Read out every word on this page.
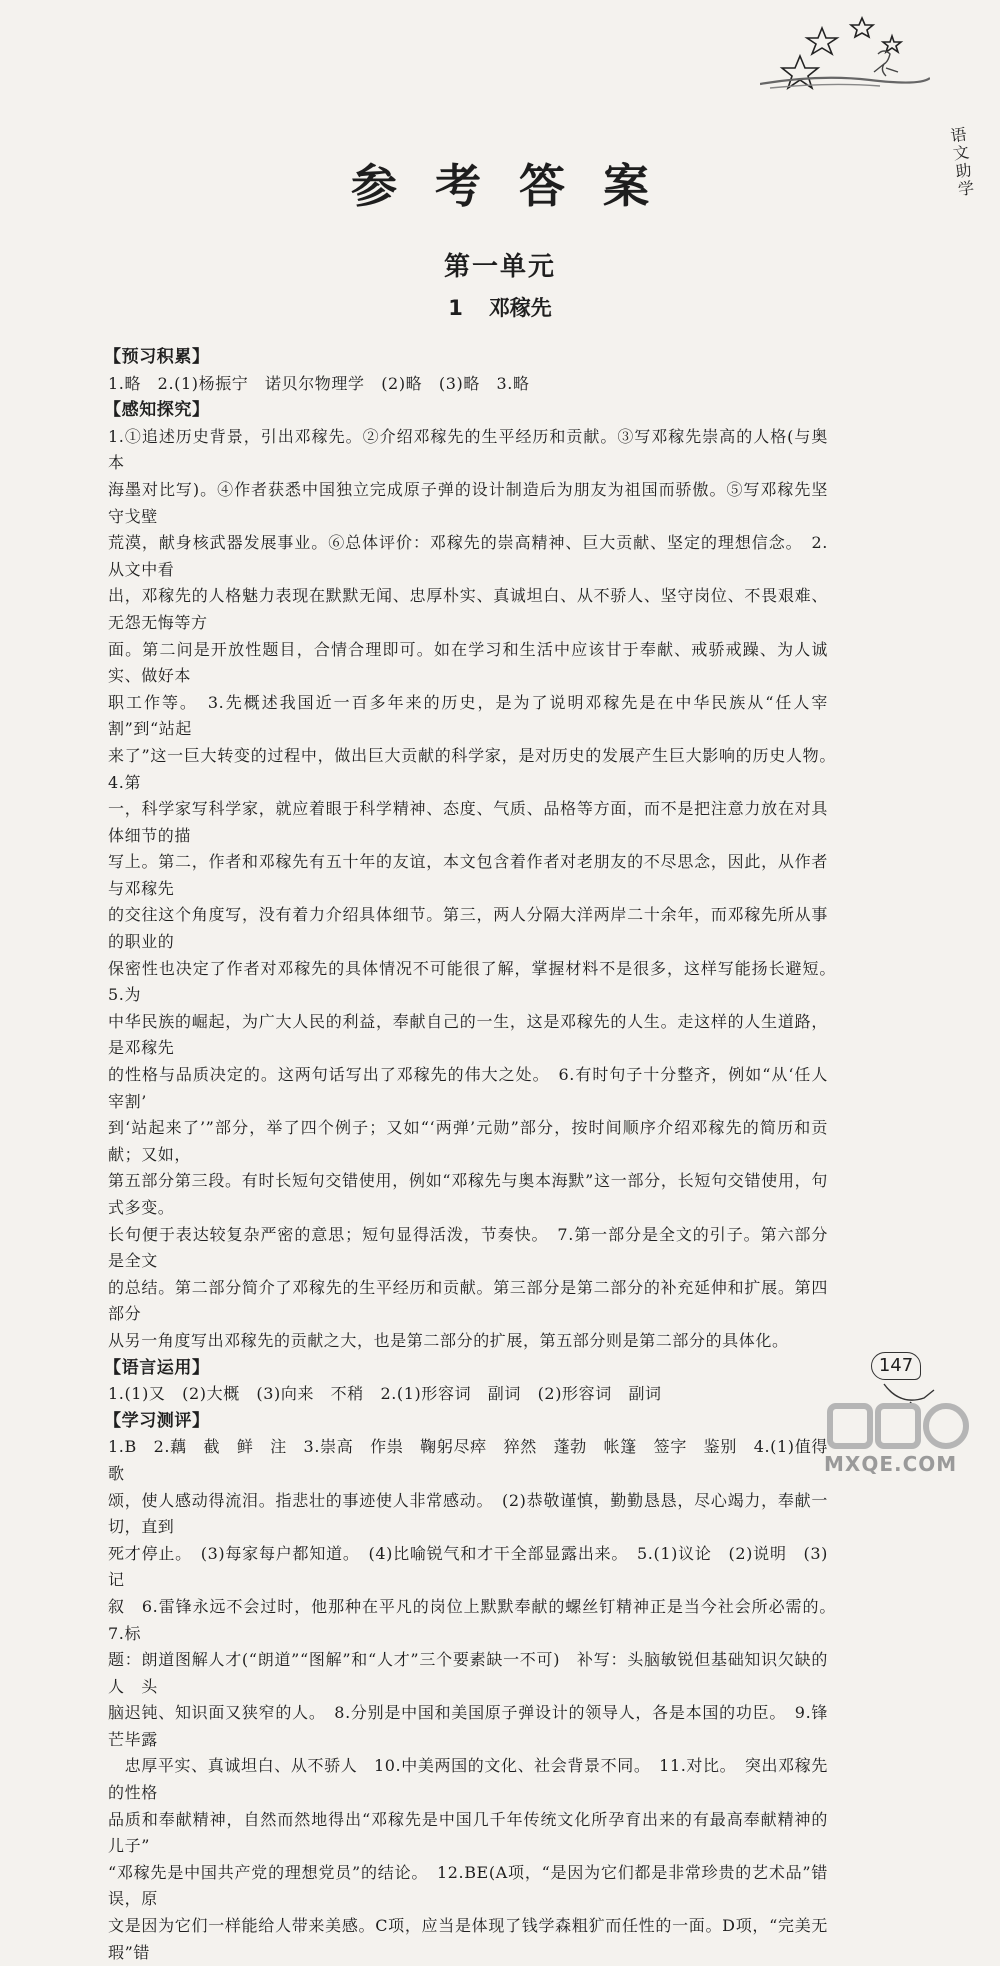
语文助学
参考答案
第一单元
1 邓稼先
【预习积累】
1.略　2.(1)杨振宁　诺贝尔物理学　(2)略　(3)略　3.略
【感知探究】
1.①追述历史背景，引出邓稼先。②介绍邓稼先的生平经历和贡献。③写邓稼先崇高的人格(与奥本
海墨对比写)。④作者获悉中国独立完成原子弹的设计制造后为朋友为祖国而骄傲。⑤写邓稼先坚守戈壁
荒漠，献身核武器发展事业。⑥总体评价：邓稼先的崇高精神、巨大贡献、坚定的理想信念。　2.从文中看
出，邓稼先的人格魅力表现在默默无闻、忠厚朴实、真诚坦白、从不骄人、坚守岗位、不畏艰难、无怨无悔等方
面。第二问是开放性题目，合情合理即可。如在学习和生活中应该甘于奉献、戒骄戒躁、为人诚实、做好本
职工作等。　3.先概述我国近一百多年来的历史，是为了说明邓稼先是在中华民族从“任人宰割”到“站起
来了”这一巨大转变的过程中，做出巨大贡献的科学家，是对历史的发展产生巨大影响的历史人物。　4.第
一，科学家写科学家，就应着眼于科学精神、态度、气质、品格等方面，而不是把注意力放在对具体细节的描
写上。第二，作者和邓稼先有五十年的友谊，本文包含着作者对老朋友的不尽思念，因此，从作者与邓稼先
的交往这个角度写，没有着力介绍具体细节。第三，两人分隔大洋两岸二十余年，而邓稼先所从事的职业的
保密性也决定了作者对邓稼先的具体情况不可能很了解，掌握材料不是很多，这样写能扬长避短。　5.为
中华民族的崛起，为广大人民的利益，奉献自己的一生，这是邓稼先的人生。走这样的人生道路，是邓稼先
的性格与品质决定的。这两句话写出了邓稼先的伟大之处。　6.有时句子十分整齐，例如“从‘任人宰割’
到‘站起来了’”部分，举了四个例子；又如“‘两弹’元勋”部分，按时间顺序介绍邓稼先的简历和贡献；又如，
第五部分第三段。有时长短句交错使用，例如“邓稼先与奥本海默”这一部分，长短句交错使用，句式多变。
长句便于表达较复杂严密的意思；短句显得活泼，节奏快。　7.第一部分是全文的引子。第六部分是全文
的总结。第二部分简介了邓稼先的生平经历和贡献。第三部分是第二部分的补充延伸和扩展。第四部分
从另一角度写出邓稼先的贡献之大，也是第二部分的扩展，第五部分则是第二部分的具体化。
【语言运用】
1.(1)又　(2)大概　(3)向来　不稍　2.(1)形容词　副词　(2)形容词　副词
【学习测评】
1.B　2.藕　截　鲜　注　3.崇高　作祟　鞠躬尽瘁　猝然　蓬勃　帐篷　签字　鉴别　4.(1)值得歌
颂，使人感动得流泪。指悲壮的事迹使人非常感动。　(2)恭敬谨慎，勤勤恳恳，尽心竭力，奉献一切，直到
死才停止。　(3)每家每户都知道。　(4)比喻锐气和才干全部显露出来。　5.(1)议论　(2)说明　(3)记
叙　6.雷锋永远不会过时，他那种在平凡的岗位上默默奉献的螺丝钉精神正是当今社会所必需的。　7.标
题：朗道图解人才(“朗道”“图解”和“人才”三个要素缺一不可)　补写：头脑敏锐但基础知识欠缺的人　头
脑迟钝、知识面又狭窄的人。　8.分别是中国和美国原子弹设计的领导人，各是本国的功臣。　9.锋芒毕露
　忠厚平实、真诚坦白、从不骄人　10.中美两国的文化、社会背景不同。　11.对比。　突出邓稼先的性格
品质和奉献精神，自然而然地得出“邓稼先是中国几千年传统文化所孕育出来的有最高奉献精神的儿子”
“邓稼先是中国共产党的理想党员”的结论。　12.BE(A项，“是因为它们都是非常珍贵的艺术品”错误，原
文是因为它们一样能给人带来美感。C项，应当是体现了钱学森粗犷而任性的一面。D项，“完美无瑕”错
147
MXQE.COM
